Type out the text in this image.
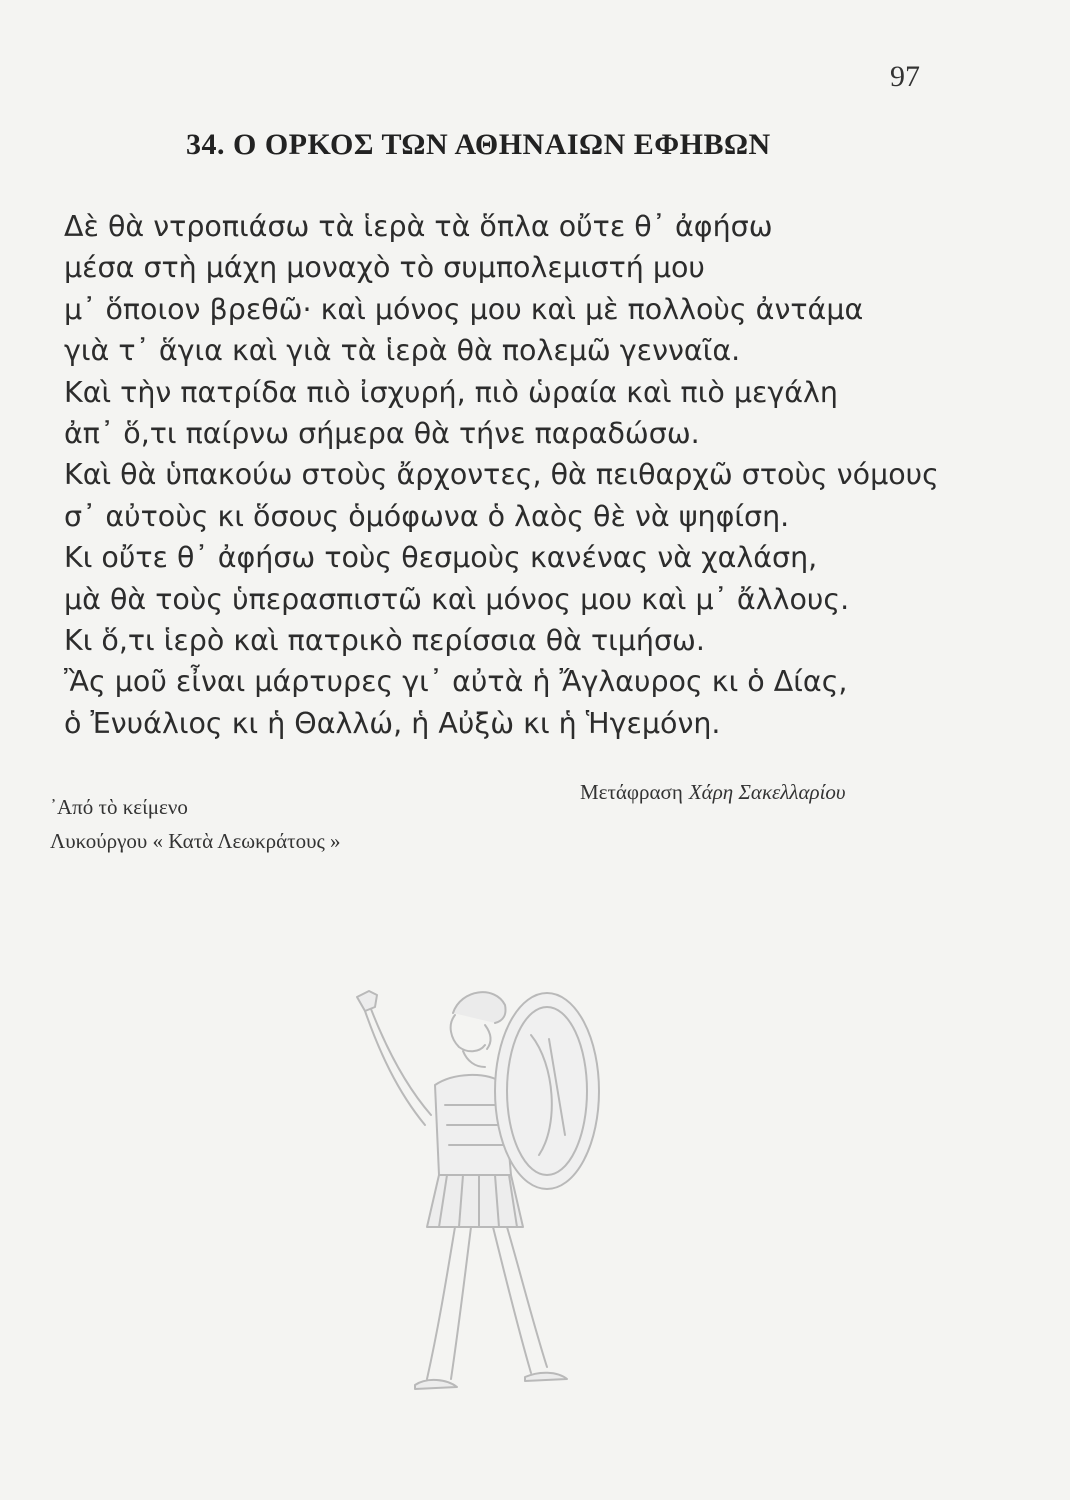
97
34. Ο ΟΡΚΟΣ ΤΩΝ ΑΘΗΝΑΙΩΝ ΕΦΗΒΩΝ
Δὲ θὰ ντροπιάσω τὰ ἱερὰ τὰ ὅπλα οὔτε θ᾿ ἀφήσω
μέσα στὴ μάχη μοναχὸ τὸ συμπολεμιστή μου
μ᾿ ὅποιον βρεθῶ· καὶ μόνος μου καὶ μὲ πολλοὺς ἀντάμα
γιὰ τ᾿ ἅγια καὶ γιὰ τὰ ἱερὰ θὰ πολεμῶ γενναῖα.
Καὶ τὴν πατρίδα πιὸ ἰσχυρή, πιὸ ὡραία καὶ πιὸ μεγάλη
ἀπ᾿ ὅ,τι παίρνω σήμερα θὰ τήνε παραδώσω.
Καὶ θὰ ὑπακούω στοὺς ἄρχοντες, θὰ πειθαρχῶ στοὺς νόμους
σ᾿ αὐτοὺς κι ὅσους ὁμόφωνα ὁ λαὸς θὲ νὰ ψηφίση.
Κι οὔτε θ᾿ ἀφήσω τοὺς θεσμοὺς κανένας νὰ χαλάση,
μὰ θὰ τοὺς ὑπερασπιστῶ καὶ μόνος μου καὶ μ᾿ ἄλλους.
Κι ὅ,τι ἱερὸ καὶ πατρικὸ περίσσια θὰ τιμήσω.
Ἂς μοῦ εἶναι μάρτυρες γι᾿ αὐτὰ ἡ Ἄγλαυρος κι ὁ Δίας,
ὁ Ἐνυάλιος κι ἡ Θαλλώ, ἡ Αὐξὼ κι ἡ Ἡγεμόνη.
᾿Από τὸ κείμενο
Λυκούργου « Κατὰ Λεωκράτους »
Μετάφραση Χάρη Σακελλαρίου
